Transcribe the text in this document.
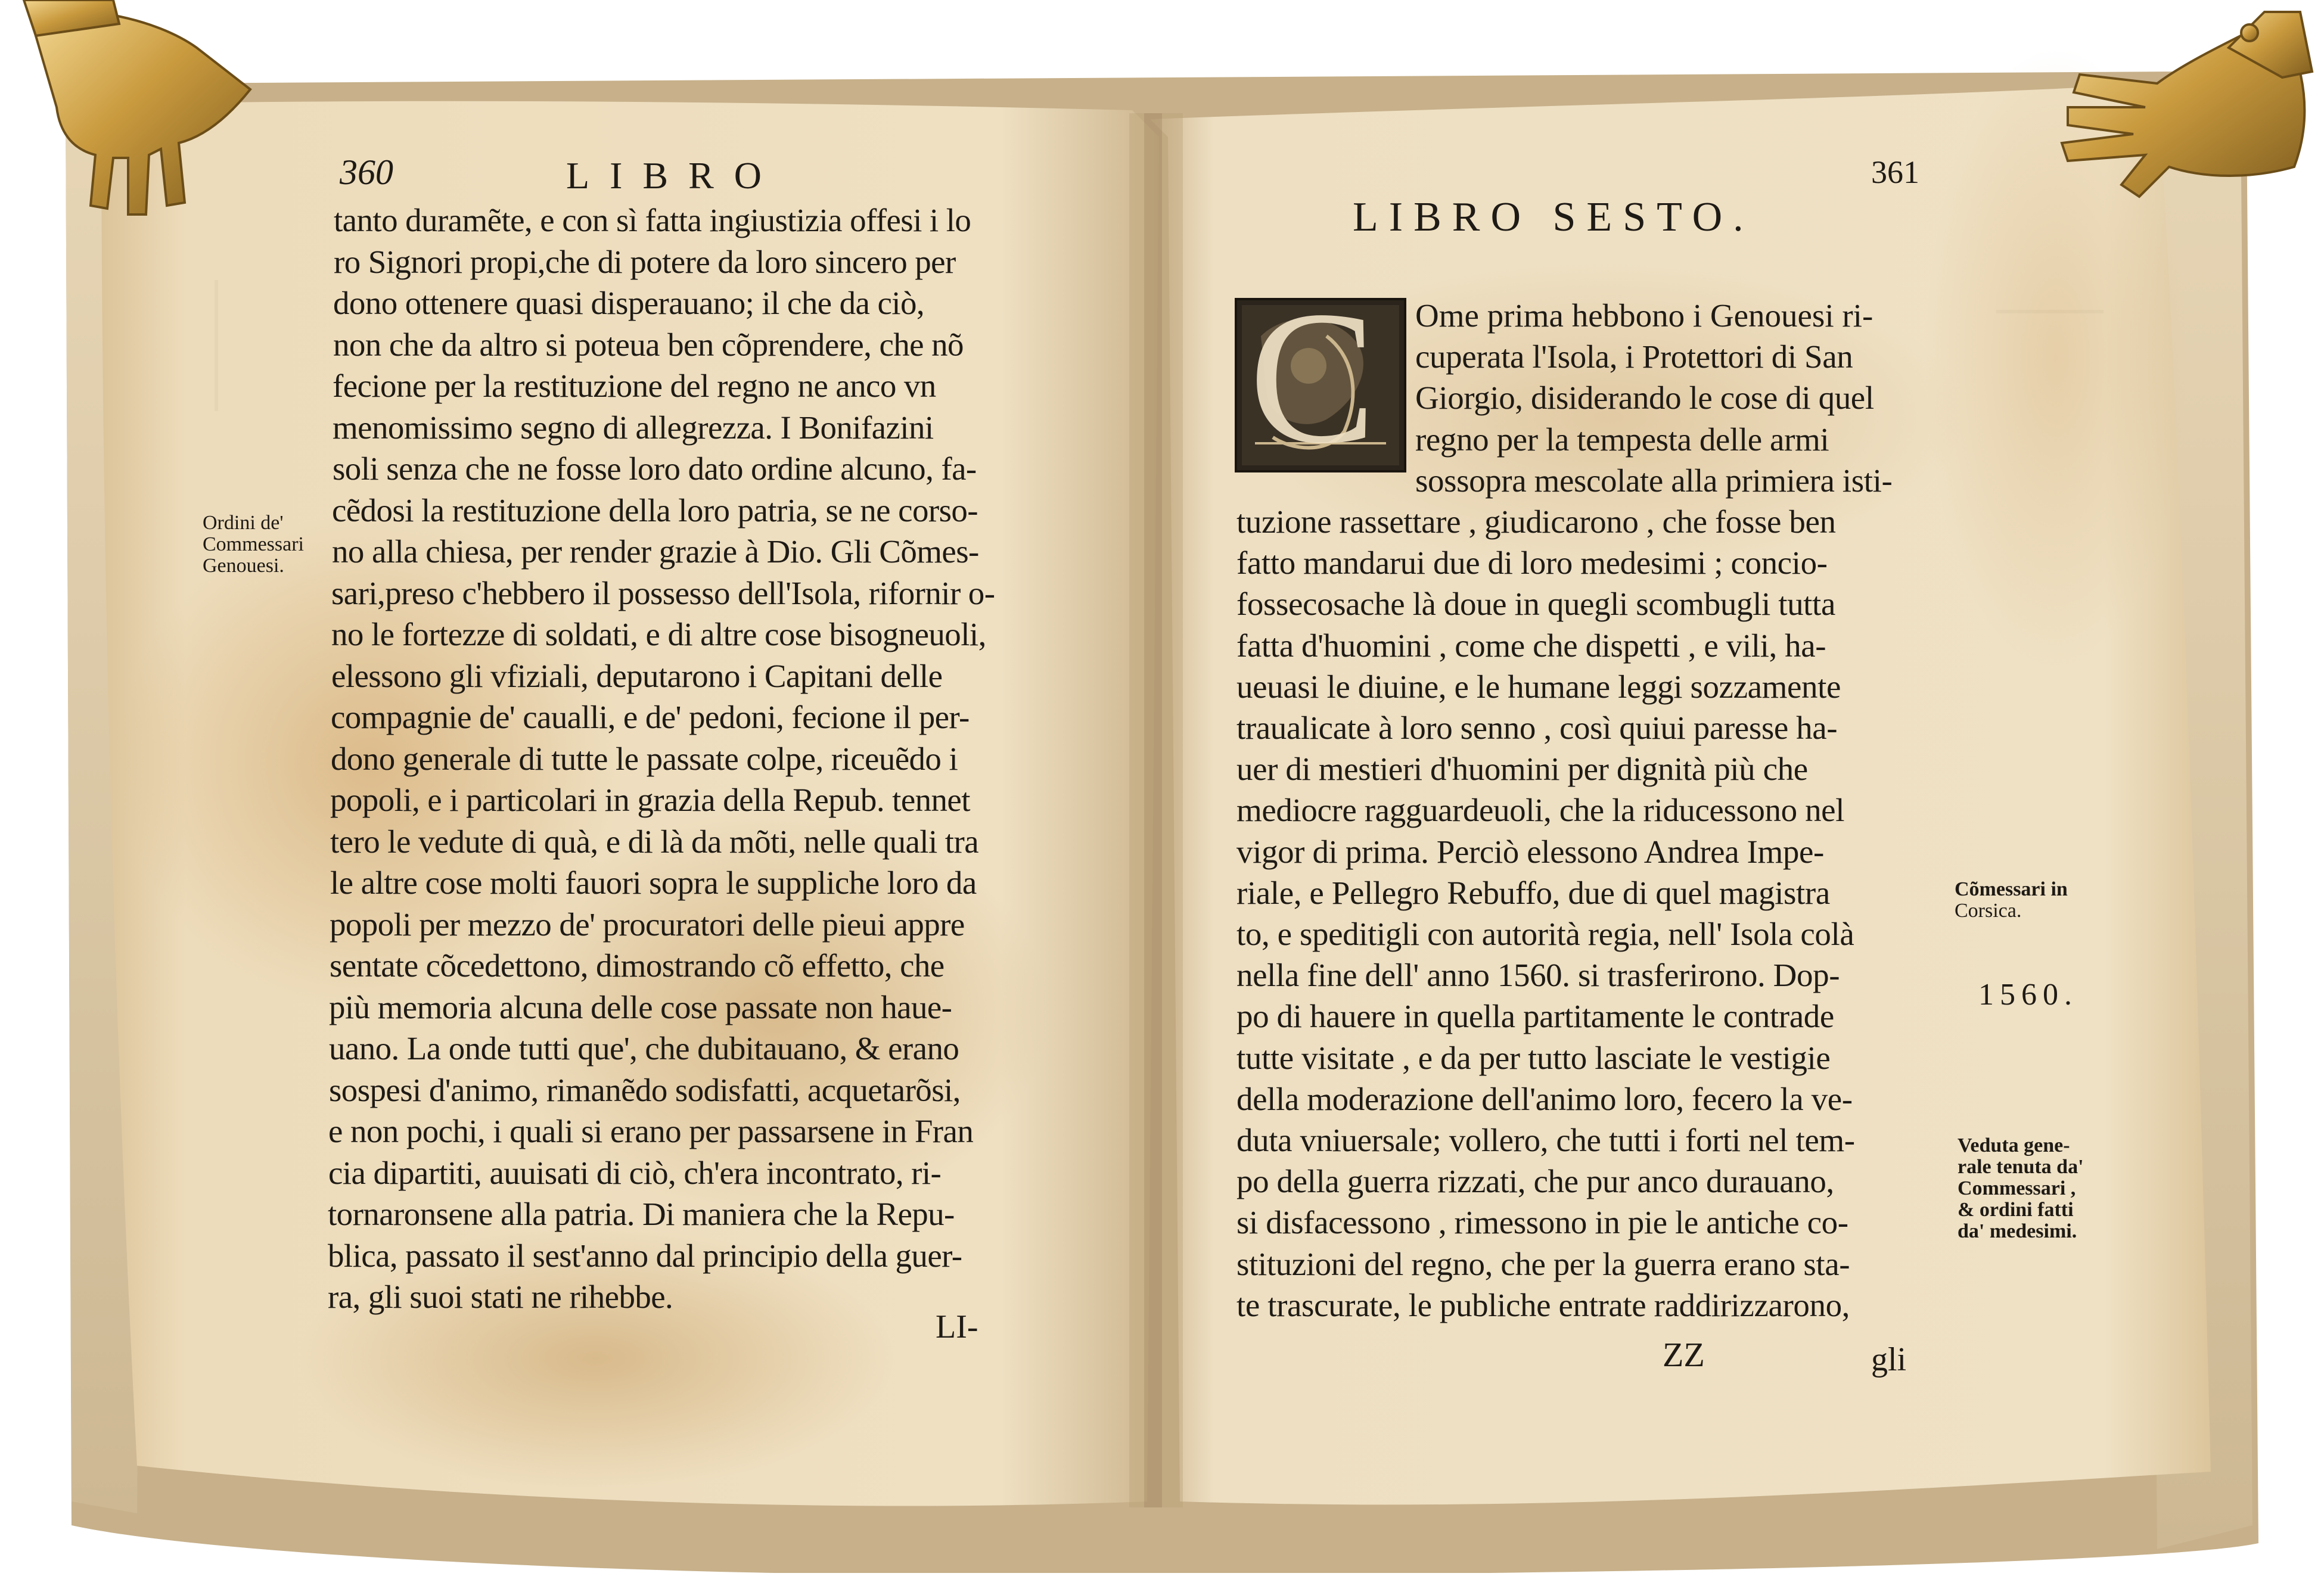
360	LIBRO
tanto duramẽte, e con sì fatta ingiustizia offesi i lo
ro Signori propi,che di potere da loro sincero per
dono ottenere quasi disperauano; il che da ciò,
non che da altro si poteua ben cõprendere, che nõ
fecione per la restituzione del regno ne anco vn
menomissimo segno di allegrezza. I Bonifazini
soli senza che ne fosse loro dato ordine alcuno, fa-
cẽdosi la restituzione della loro patria, se ne corso-
no alla chiesa, per render grazie à Dio. Gli Cõmes-
sari,preso c'hebbero il possesso dell'Isola, rifornir o-
no le fortezze di soldati, e di altre cose bisogneuoli,
elessono gli vfiziali, deputarono i Capitani delle
compagnie de' caualli, e de' pedoni, fecione il per-
dono generale di tutte le passate colpe, riceuẽdo i
popoli, e i particolari in grazia della Repub. tennet
tero le vedute di quà, e di là da mõti, nelle quali tra
le altre cose molti fauori sopra le suppliche loro da
popoli per mezzo de' procuratori delle pieui appre
sentate cõcedettono, dimostrando cõ effetto, che
più memoria alcuna delle cose passate non haue-
uano. La onde tutti que', che dubitauano, & erano
sospesi d'animo, rimanẽdo sodisfatti, acquetarõsi,
e non pochi, i quali si erano per passarsene in Fran
cia dipartiti, auuisati di ciò, ch'era incontrato, ri-
tornaronsene alla patria. Di maniera che la Repu-
blica, passato il sest'anno dal principio della guer-
ra, gli suoi stati ne rihebbe.
Ordini de'
Commessari
Genouesi.
LI-
361
LIBRO SESTO.
C Ome prima hebbono i Genouesi ri-
cuperata l'Isola, i Protettori di San
Giorgio, disiderando le cose di quel
regno per la tempesta delle armi
sossopra mescolate alla primiera isti-
tuzione rassettare , giudicarono , che fosse ben
fatto mandarui due di loro medesimi ; concio-
fossecosache là doue in quegli scombugli tutta
fatta d'huomini , come che dispetti , e vili, ha-
ueuasi le diuine, e le humane leggi sozzamente
traualicate à loro senno , così quiui paresse ha-
uer di mestieri d'huomini per dignità più che
mediocre ragguardeuoli, che la riducessono nel
vigor di prima. Perciò elessono Andrea Impe-
riale, e Pellegro Rebuffo, due di quel magistra
to, e speditigli con autorità regia, nell' Isola colà
nella fine dell' anno 1560. si trasferirono. Dop-
po di hauere in quella partitamente le contrade
tutte visitate , e da per tutto lasciate le vestigie
della moderazione dell'animo loro, fecero la ve-
duta vniuersale; vollero, che tutti i forti nel tem-
po della guerra rizzati, che pur anco durauano,
si disfacessono , rimessono in pie le antiche co-
stituzioni del regno, che per la guerra erano sta-
te trascurate, le publiche entrate raddirizzarono,
Cõmessari in
Corsica.
1560.
Veduta gene-
rale tenuta da'
Commessari ,
& ordini fatti
da' medesimi.
ZZ	gli
